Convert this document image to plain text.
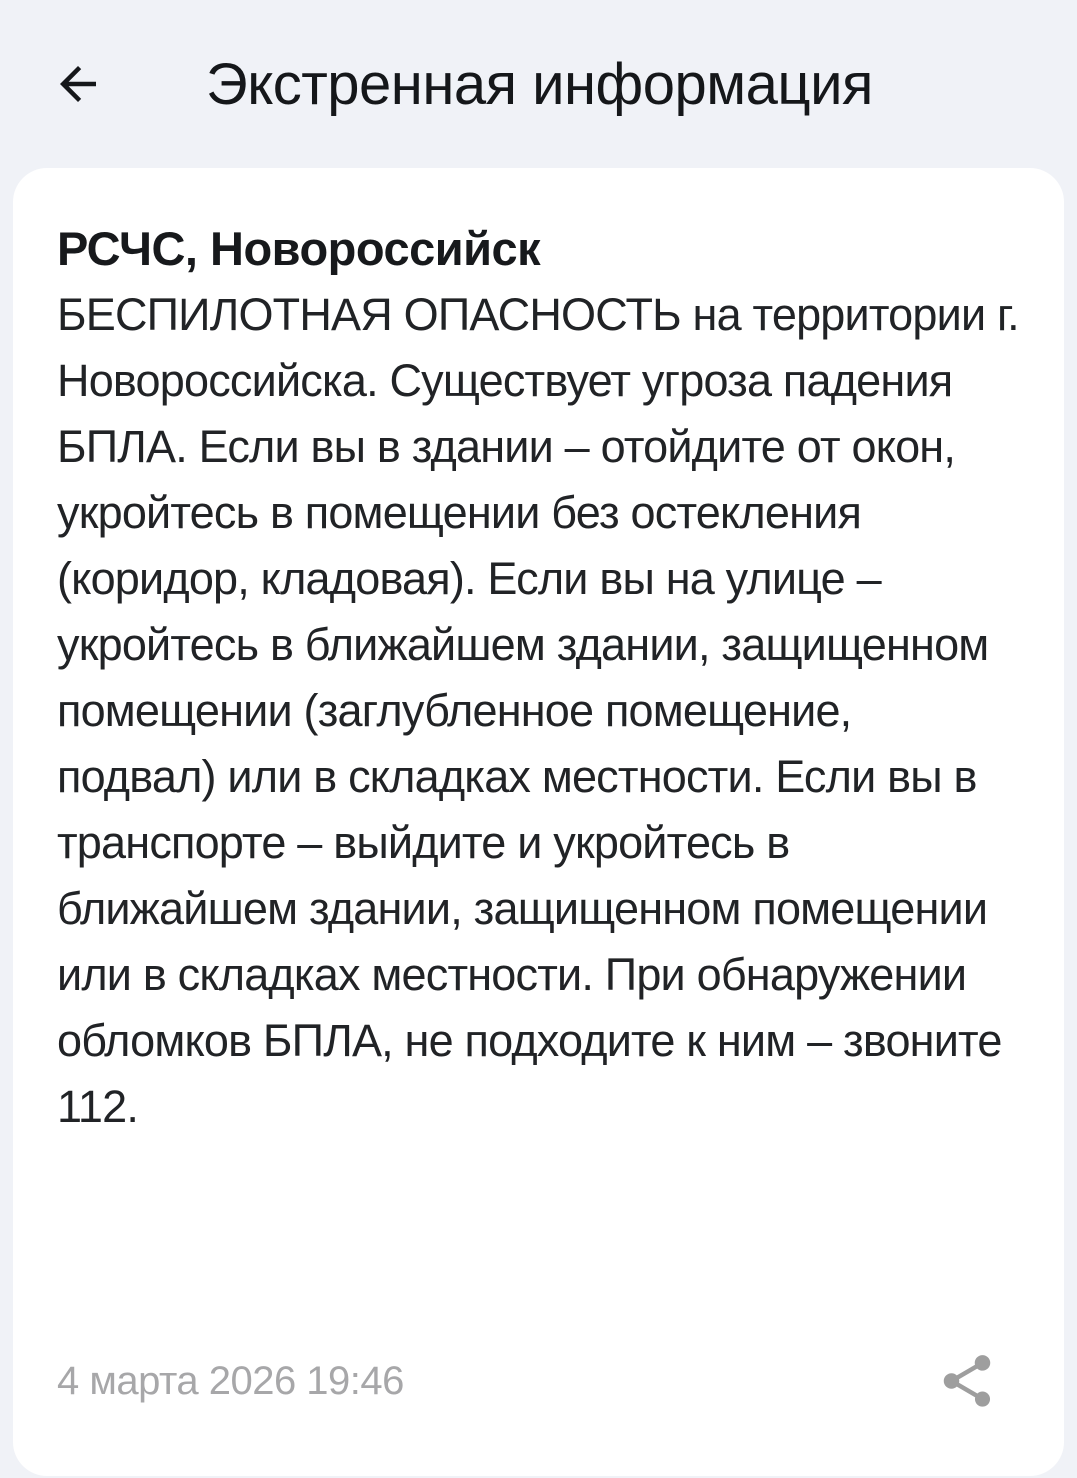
Экстренная информация
РСЧС, Новороссийск
БЕСПИЛОТНАЯ ОПАСНОСТЬ на территории г. Новороссийска. Существует угроза падения БПЛА. Если вы в здании – отойдите от окон, укройтесь в помещении без остекления (коридор, кладовая). Если вы на улице – укройтесь в ближайшем здании, защищенном помещении (заглубленное помещение, подвал) или в складках местности. Если вы в транспорте – выйдите и укройтесь в ближайшем здании, защищенном помещении или в складках местности. При обнаружении обломков БПЛА, не подходите к ним – звоните 112.
4 марта 2026 19:46
